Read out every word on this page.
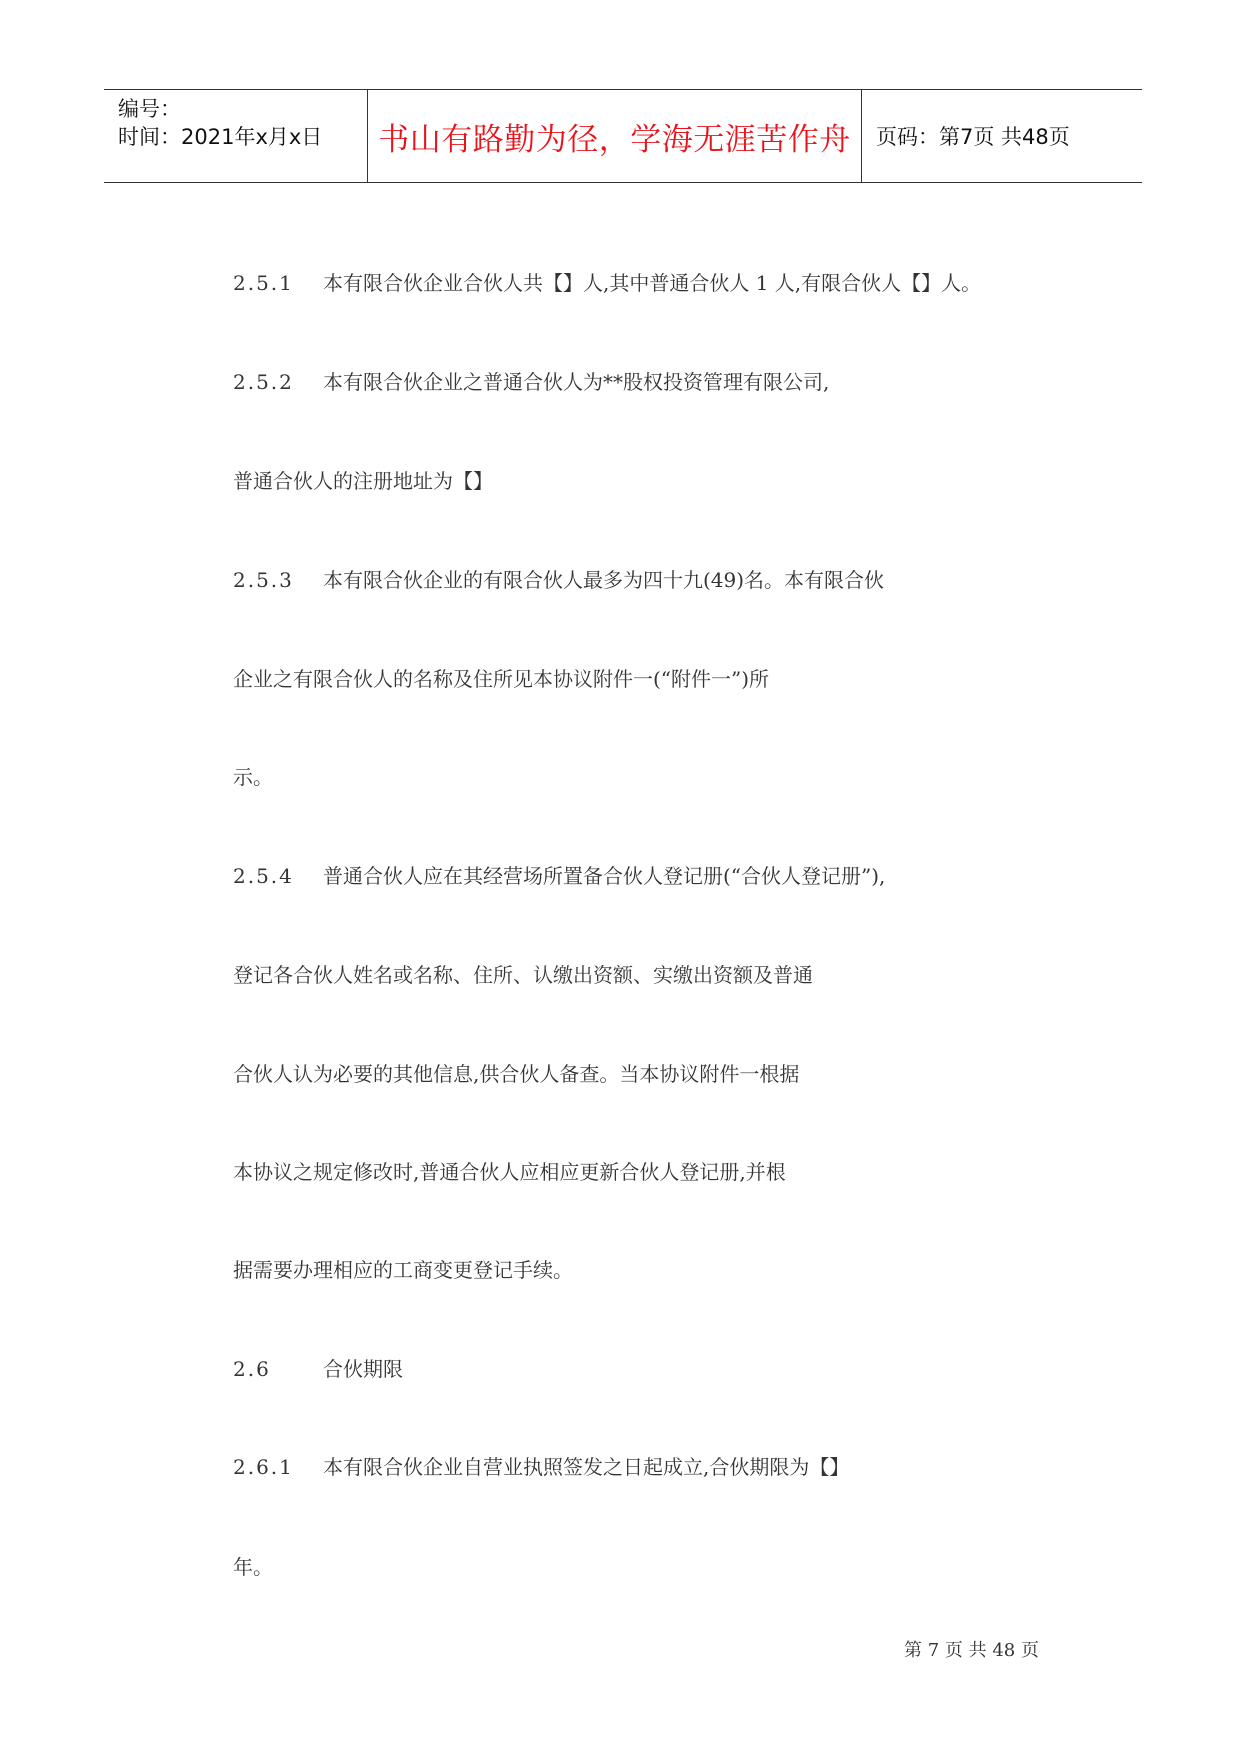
编号：
时间：2021年x月x日 书山有路勤为径，学海无涯苦作舟 页码：第7页 共48页
2.5.1 本有限合伙企业合伙人共【】人,其中普通合伙人 1 人,有限合伙人【】人。
2.5.2 本有限合伙企业之普通合伙人为**股权投资管理有限公司,
普通合伙人的注册地址为【】
2.5.3 本有限合伙企业的有限合伙人最多为四十九(49)名。本有限合伙
企业之有限合伙人的名称及住所见本协议附件一(“附件一”)所
示。
2.5.4 普通合伙人应在其经营场所置备合伙人登记册(“合伙人登记册”),
登记各合伙人姓名或名称、住所、认缴出资额、实缴出资额及普通
合伙人认为必要的其他信息,供合伙人备查。当本协议附件一根据
本协议之规定修改时,普通合伙人应相应更新合伙人登记册,并根
据需要办理相应的工商变更登记手续。
2.6	合伙期限
2.6.1 本有限合伙企业自营业执照签发之日起成立,合伙期限为【】
年。
第 7 页 共 48 页
